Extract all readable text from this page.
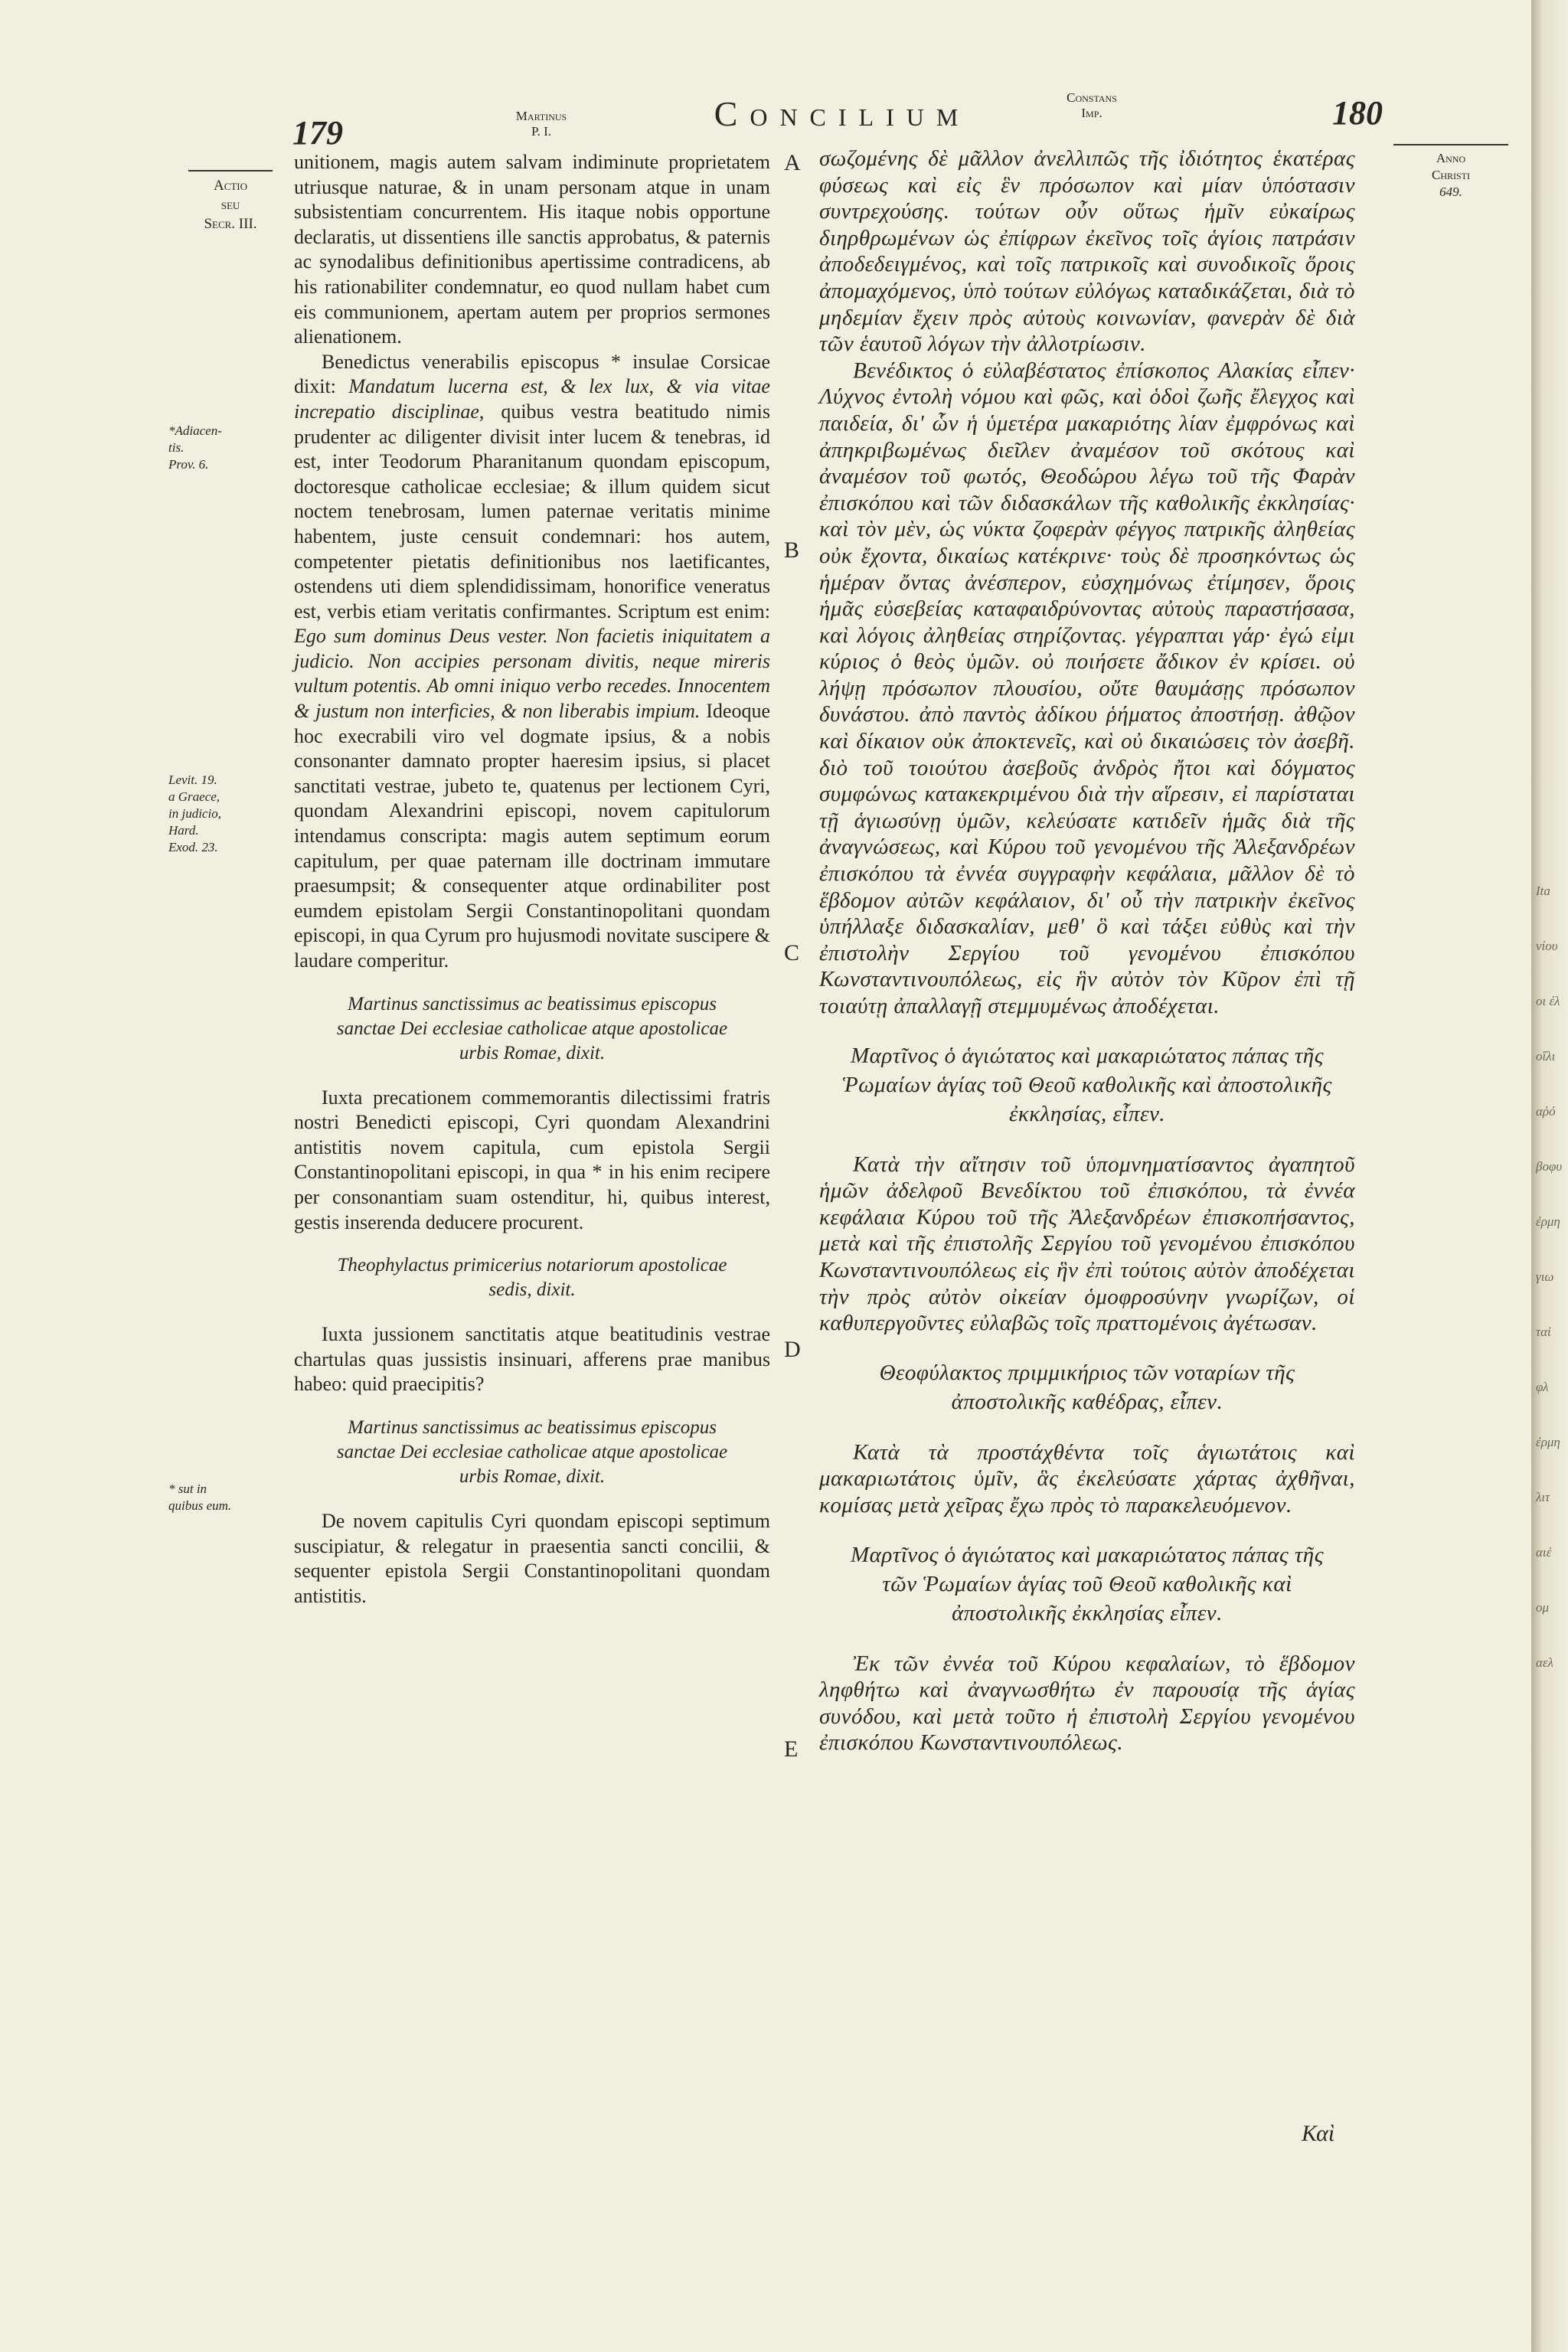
179	Martinus
P. I.	Concilium	Constans
Imp.	180
Anno
Christi
649.
Actio
seu
Secr. III.
*Adiacen-
tis.
Prov. 6.
Levit. 19.
a Graece,
in judicio,
Hard.
Exod. 23.
* sut in
quibus eum.
A
B
C
D
E

unitionem, magis autem salvam indiminute proprietatem utriusque naturae, & in unam personam atque in unam subsistentiam concurrentem. His itaque nobis opportune declaratis, ut dissentiens ille sanctis approbatus, & paternis ac synodalibus definitionibus apertissime contradicens, ab his rationabiliter condemnatur, eo quod nullam habet cum eis communionem, apertam autem per proprios sermones alienationem.

Benedictus venerabilis episcopus * insulae Corsicae dixit: Mandatum lucerna est, & lex lux, & via vitae increpatio disciplinae, quibus vestra beatitudo nimis prudenter ac diligenter divisit inter lucem & tenebras, id est, inter Teodorum Pharanitanum quondam episcopum, doctoresque catholicae ecclesiae; & illum quidem sicut noctem tenebrosam, lumen paternae veritatis minime habentem, juste censuit condemnari: hos autem, competenter pietatis definitionibus nos laetificantes, ostendens uti diem splendidissimam, honorifice veneratus est, verbis etiam veritatis confirmantes. Scriptum est enim: Ego sum dominus Deus vester. Non facietis iniquitatem a judicio. Non accipies personam divitis, neque mireris vultum potentis. Ab omni iniquo verbo recedes. Innocentem & justum non interficies, & non liberabis impium. Ideoque hoc execrabili viro vel dogmate ipsius, & a nobis consonanter damnato propter haeresim ipsius, si placet sanctitati vestrae, jubeto te, quatenus per lectionem Cyri, quondam Alexandrini episcopi, novem capitulorum intendamus conscripta: magis autem septimum eorum capitulum, per quae paternam ille doctrinam immutare praesumpsit; & consequenter atque ordinabiliter post eumdem epistolam Sergii Constantinopolitani quondam episcopi, in qua Cyrum pro hujusmodi novitate suscipere & laudare comperitur.

Martinus sanctissimus ac beatissimus episcopus sanctae Dei ecclesiae catholicae atque apostolicae urbis Romae, dixit.

Iuxta precationem commemorantis dilectissimi fratris nostri Benedicti episcopi, Cyri quondam Alexandrini antistitis novem capitula, cum epistola Sergii Constantinopolitani episcopi, in qua * in his enim recipere per consonantiam suam ostenditur, hi, quibus interest, gestis inserenda deducere procurent.

Theophylactus primicerius notariorum apostolicae sedis, dixit.

Iuxta jussionem sanctitatis atque beatitudinis vestrae chartulas quas jussistis insinuari, afferens prae manibus habeo: quid praecipitis?

Martinus sanctissimus ac beatissimus episcopus sanctae Dei ecclesiae catholicae atque apostolicae urbis Romae, dixit.

De novem capitulis Cyri quondam episcopi septimum suscipiatur, & relegatur in praesentia sancti concilii, & sequenter epistola Sergii Constantinopolitani quondam antistitis.

σωζομένης δὲ μᾶλλον ἀνελλιπῶς τῆς ἰδιότητος ἑκατέρας φύσεως καὶ εἰς ἓν πρόσωπον καὶ μίαν ὑπόστασιν συντρεχούσης. τούτων οὖν οὕτως ἡμῖν εὐκαίρως διηρθρωμένων ὡς ἐπίφρων ἐκεῖνος τοῖς ἁγίοις πατράσιν ἀποδεδειγμένος, καὶ τοῖς πατρικοῖς καὶ συνοδικοῖς ὅροις ἀπομαχόμενος, ὑπὸ τούτων εὐλόγως καταδικάζεται, διὰ τὸ μηδεμίαν ἔχειν πρὸς αὐτοὺς κοινωνίαν, φανερὰν δὲ διὰ τῶν ἑαυτοῦ λόγων τὴν ἀλλοτρίωσιν.

Βενέδικτος ὁ εὐλαβέστατος ἐπίσκοπος Αλακίας εἶπεν· Λύχνος ἐντολὴ νόμου καὶ φῶς, καὶ ὁδοὶ ζωῆς ἔλεγχος καὶ παιδεία, δι' ὧν ἡ ὑμετέρα μακαριότης λίαν ἐμφρόνως καὶ ἀπηκριβωμένως διεῖλεν ἀναμέσον τοῦ σκότους καὶ ἀναμέσον τοῦ φωτός, Θεοδώρου λέγω τοῦ τῆς Φαρὰν ἐπισκόπου καὶ τῶν διδασκάλων τῆς καθολικῆς ἐκκλησίας· καὶ τὸν μὲν, ὡς νύκτα ζοφερὰν φέγγος πατρικῆς ἀληθείας οὐκ ἔχοντα, δικαίως κατέκρινε· τοὺς δὲ προσηκόντως ὡς ἡμέραν ὄντας ἀνέσπερον, εὐσχημόνως ἐτίμησεν, ὅροις ἡμᾶς εὐσεβείας καταφαιδρύνοντας αὐτοὺς παραστήσασα, καὶ λόγοις ἀληθείας στηρίζοντας. γέγραπται γάρ· ἐγώ εἰμι κύριος ὁ θεὸς ὑμῶν. οὐ ποιήσετε ἄδικον ἐν κρίσει. οὐ λήψῃ πρόσωπον πλουσίου, οὔτε θαυμάσῃς πρόσωπον δυνάστου. ἀπὸ παντὸς ἀδίκου ῥήματος ἀποστήσῃ. ἀθῷον καὶ δίκαιον οὐκ ἀποκτενεῖς, καὶ οὐ δικαιώσεις τὸν ἀσεβῆ. διὸ τοῦ τοιούτου ἀσεβοῦς ἀνδρὸς ἤτοι καὶ δόγματος συμφώνως κατακεκριμένου διὰ τὴν αἵρεσιν, εἰ παρίσταται τῇ ἁγιωσύνῃ ὑμῶν, κελεύσατε κατιδεῖν ἡμᾶς διὰ τῆς ἀναγνώσεως, καὶ Κύρου τοῦ γενομένου τῆς Ἀλεξανδρέων ἐπισκόπου τὰ ἐννέα συγγραφὴν κεφάλαια, μᾶλλον δὲ τὸ ἕβδομον αὐτῶν κεφάλαιον, δι' οὗ τὴν πατρικὴν ἐκεῖνος ὑπήλλαξε διδασκαλίαν, μεθ' ὃ καὶ τάξει εὐθὺς καὶ τὴν ἐπιστολὴν Σεργίου τοῦ γενομένου ἐπισκόπου Κωνσταντινουπόλεως, εἰς ἣν αὐτὸν τὸν Κῦρον ἐπὶ τῇ τοιαύτῃ ἀπαλλαγῇ στεμμυμένως ἀποδέχεται.

Μαρτῖνος ὁ ἁγιώτατος καὶ μακαριώτατος πάπας τῆς Ῥωμαίων ἁγίας τοῦ Θεοῦ καθολικῆς καὶ ἀποστολικῆς ἐκκλησίας, εἶπεν.

Κατὰ τὴν αἴτησιν τοῦ ὑπομνηματίσαντος ἀγαπητοῦ ἡμῶν ἀδελφοῦ Βενεδίκτου τοῦ ἐπισκόπου, τὰ ἐννέα κεφάλαια Κύρου τοῦ τῆς Ἀλεξανδρέων ἐπισκοπήσαντος, μετὰ καὶ τῆς ἐπιστολῆς Σεργίου τοῦ γενομένου ἐπισκόπου Κωνσταντινουπόλεως εἰς ἣν ἐπὶ τούτοις αὐτὸν ἀποδέχεται τὴν πρὸς αὐτὸν οἰκείαν ὁμοφροσύνην γνωρίζων, οἱ καθυπεργοῦντες εὐλαβῶς τοῖς πραττομένοις ἀγέτωσαν.

Θεοφύλακτος πριμμικήριος τῶν νοταρίων τῆς ἀποστολικῆς καθέδρας, εἶπεν.

Κατὰ τὰ προστάχθέντα τοῖς ἁγιωτάτοις καὶ μακαριωτάτοις ὑμῖν, ἃς ἐκελεύσατε χάρτας ἀχθῆναι, κομίσας μετὰ χεῖρας ἔχω πρὸς τὸ παρακελευόμενον.

Μαρτῖνος ὁ ἁγιώτατος καὶ μακαριώτατος πάπας τῆς τῶν Ῥωμαίων ἁγίας τοῦ Θεοῦ καθολικῆς καὶ ἀποστολικῆς ἐκκλησίας εἶπεν.

Ἐκ τῶν ἐννέα τοῦ Κύρου κεφαλαίων, τὸ ἕβδομον ληφθήτω καὶ ἀναγνωσθήτω ἐν παρουσίᾳ τῆς ἁγίας συνόδου, καὶ μετὰ τοῦτο ἡ ἐπιστολὴ Σεργίου γενομένου ἐπισκόπου Κωνσταντινουπόλεως.

Καὶ

Ita

νίου

οι ἐλ

οἴλι

αῤό

βοφυ

ἐρμη

γιω

ταἱ

φλ

ἐρμη

λιτ

αιἐ

ομ

αελ
